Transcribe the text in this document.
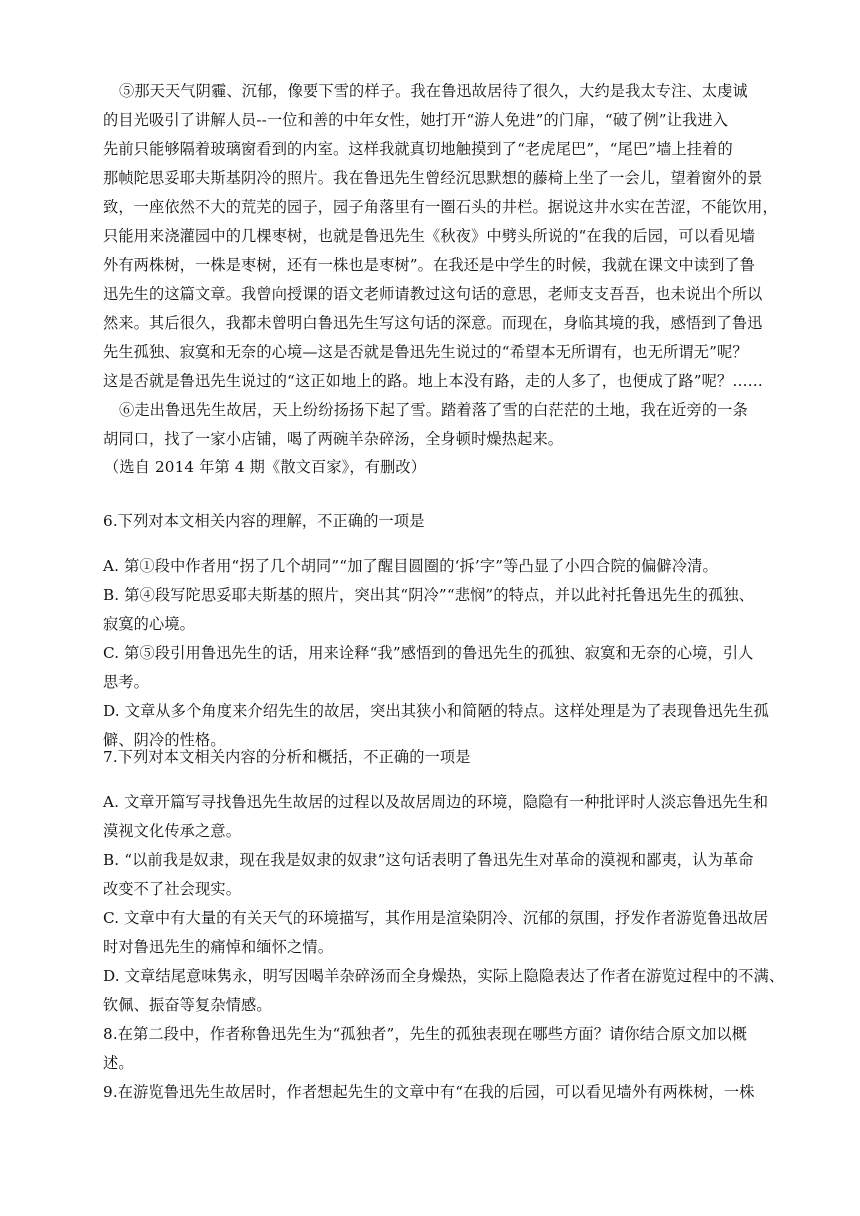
⑤那天天气阴霾、沉郁，像要下雪的样子。我在鲁迅故居待了很久，大约是我太专注、太虔诚
的目光吸引了讲解人员--一位和善的中年女性，她打开“游人免进”的门扉，“破了例”让我进入
先前只能够隔着玻璃窗看到的内室。这样我就真切地触摸到了“老虎尾巴”，“尾巴”墙上挂着的
那帧陀思妥耶夫斯基阴冷的照片。我在鲁迅先生曾经沉思默想的藤椅上坐了一会儿，望着窗外的景
致，一座依然不大的荒芜的园子，园子角落里有一圈石头的井栏。据说这井水实在苦涩，不能饮用，
只能用来浇灌园中的几棵枣树，也就是鲁迅先生《秋夜》中劈头所说的“在我的后园，可以看见墙
外有两株树，一株是枣树，还有一株也是枣树”。在我还是中学生的时候，我就在课文中读到了鲁
迅先生的这篇文章。我曾向授课的语文老师请教过这句话的意思，老师支支吾吾，也未说出个所以
然来。其后很久，我都未曾明白鲁迅先生写这句话的深意。而现在，身临其境的我，感悟到了鲁迅
先生孤独、寂寞和无奈的心境—这是否就是鲁迅先生说过的“希望本无所谓有，也无所谓无”呢？
这是否就是鲁迅先生说过的“这正如地上的路。地上本没有路，走的人多了，也便成了路”呢？……
⑥走出鲁迅先生故居，天上纷纷扬扬下起了雪。踏着落了雪的白茫茫的土地，我在近旁的一条
胡同口，找了一家小店铺，喝了两碗羊杂碎汤，全身顿时燥热起来。
（选自 2014 年第 4 期《散文百家》，有删改）
6.下列对本文相关内容的理解，不正确的一项是
A. 第①段中作者用“拐了几个胡同”“加了醒目圆圈的‘拆’字”等凸显了小四合院的偏僻冷清。
B. 第④段写陀思妥耶夫斯基的照片，突出其“阴冷”“悲悯”的特点，并以此衬托鲁迅先生的孤独、
寂寞的心境。
C. 第⑤段引用鲁迅先生的话，用来诠释“我”感悟到的鲁迅先生的孤独、寂寞和无奈的心境，引人
思考。
D. 文章从多个角度来介绍先生的故居，突出其狭小和简陋的特点。这样处理是为了表现鲁迅先生孤
僻、阴冷的性格。
7.下列对本文相关内容的分析和概括，不正确的一项是
A. 文章开篇写寻找鲁迅先生故居的过程以及故居周边的环境，隐隐有一种批评时人淡忘鲁迅先生和
漠视文化传承之意。
B. “以前我是奴隶，现在我是奴隶的奴隶”这句话表明了鲁迅先生对革命的漠视和鄙夷，认为革命
改变不了社会现实。
C. 文章中有大量的有关天气的环境描写，其作用是渲染阴冷、沉郁的氛围，抒发作者游览鲁迅故居
时对鲁迅先生的痛悼和缅怀之情。
D. 文章结尾意味隽永，明写因喝羊杂碎汤而全身燥热，实际上隐隐表达了作者在游览过程中的不满、
钦佩、振奋等复杂情感。
8.在第二段中，作者称鲁迅先生为“孤独者”，先生的孤独表现在哪些方面？请你结合原文加以概
述。
9.在游览鲁迅先生故居时，作者想起先生的文章中有“在我的后园，可以看见墙外有两株树，一株
